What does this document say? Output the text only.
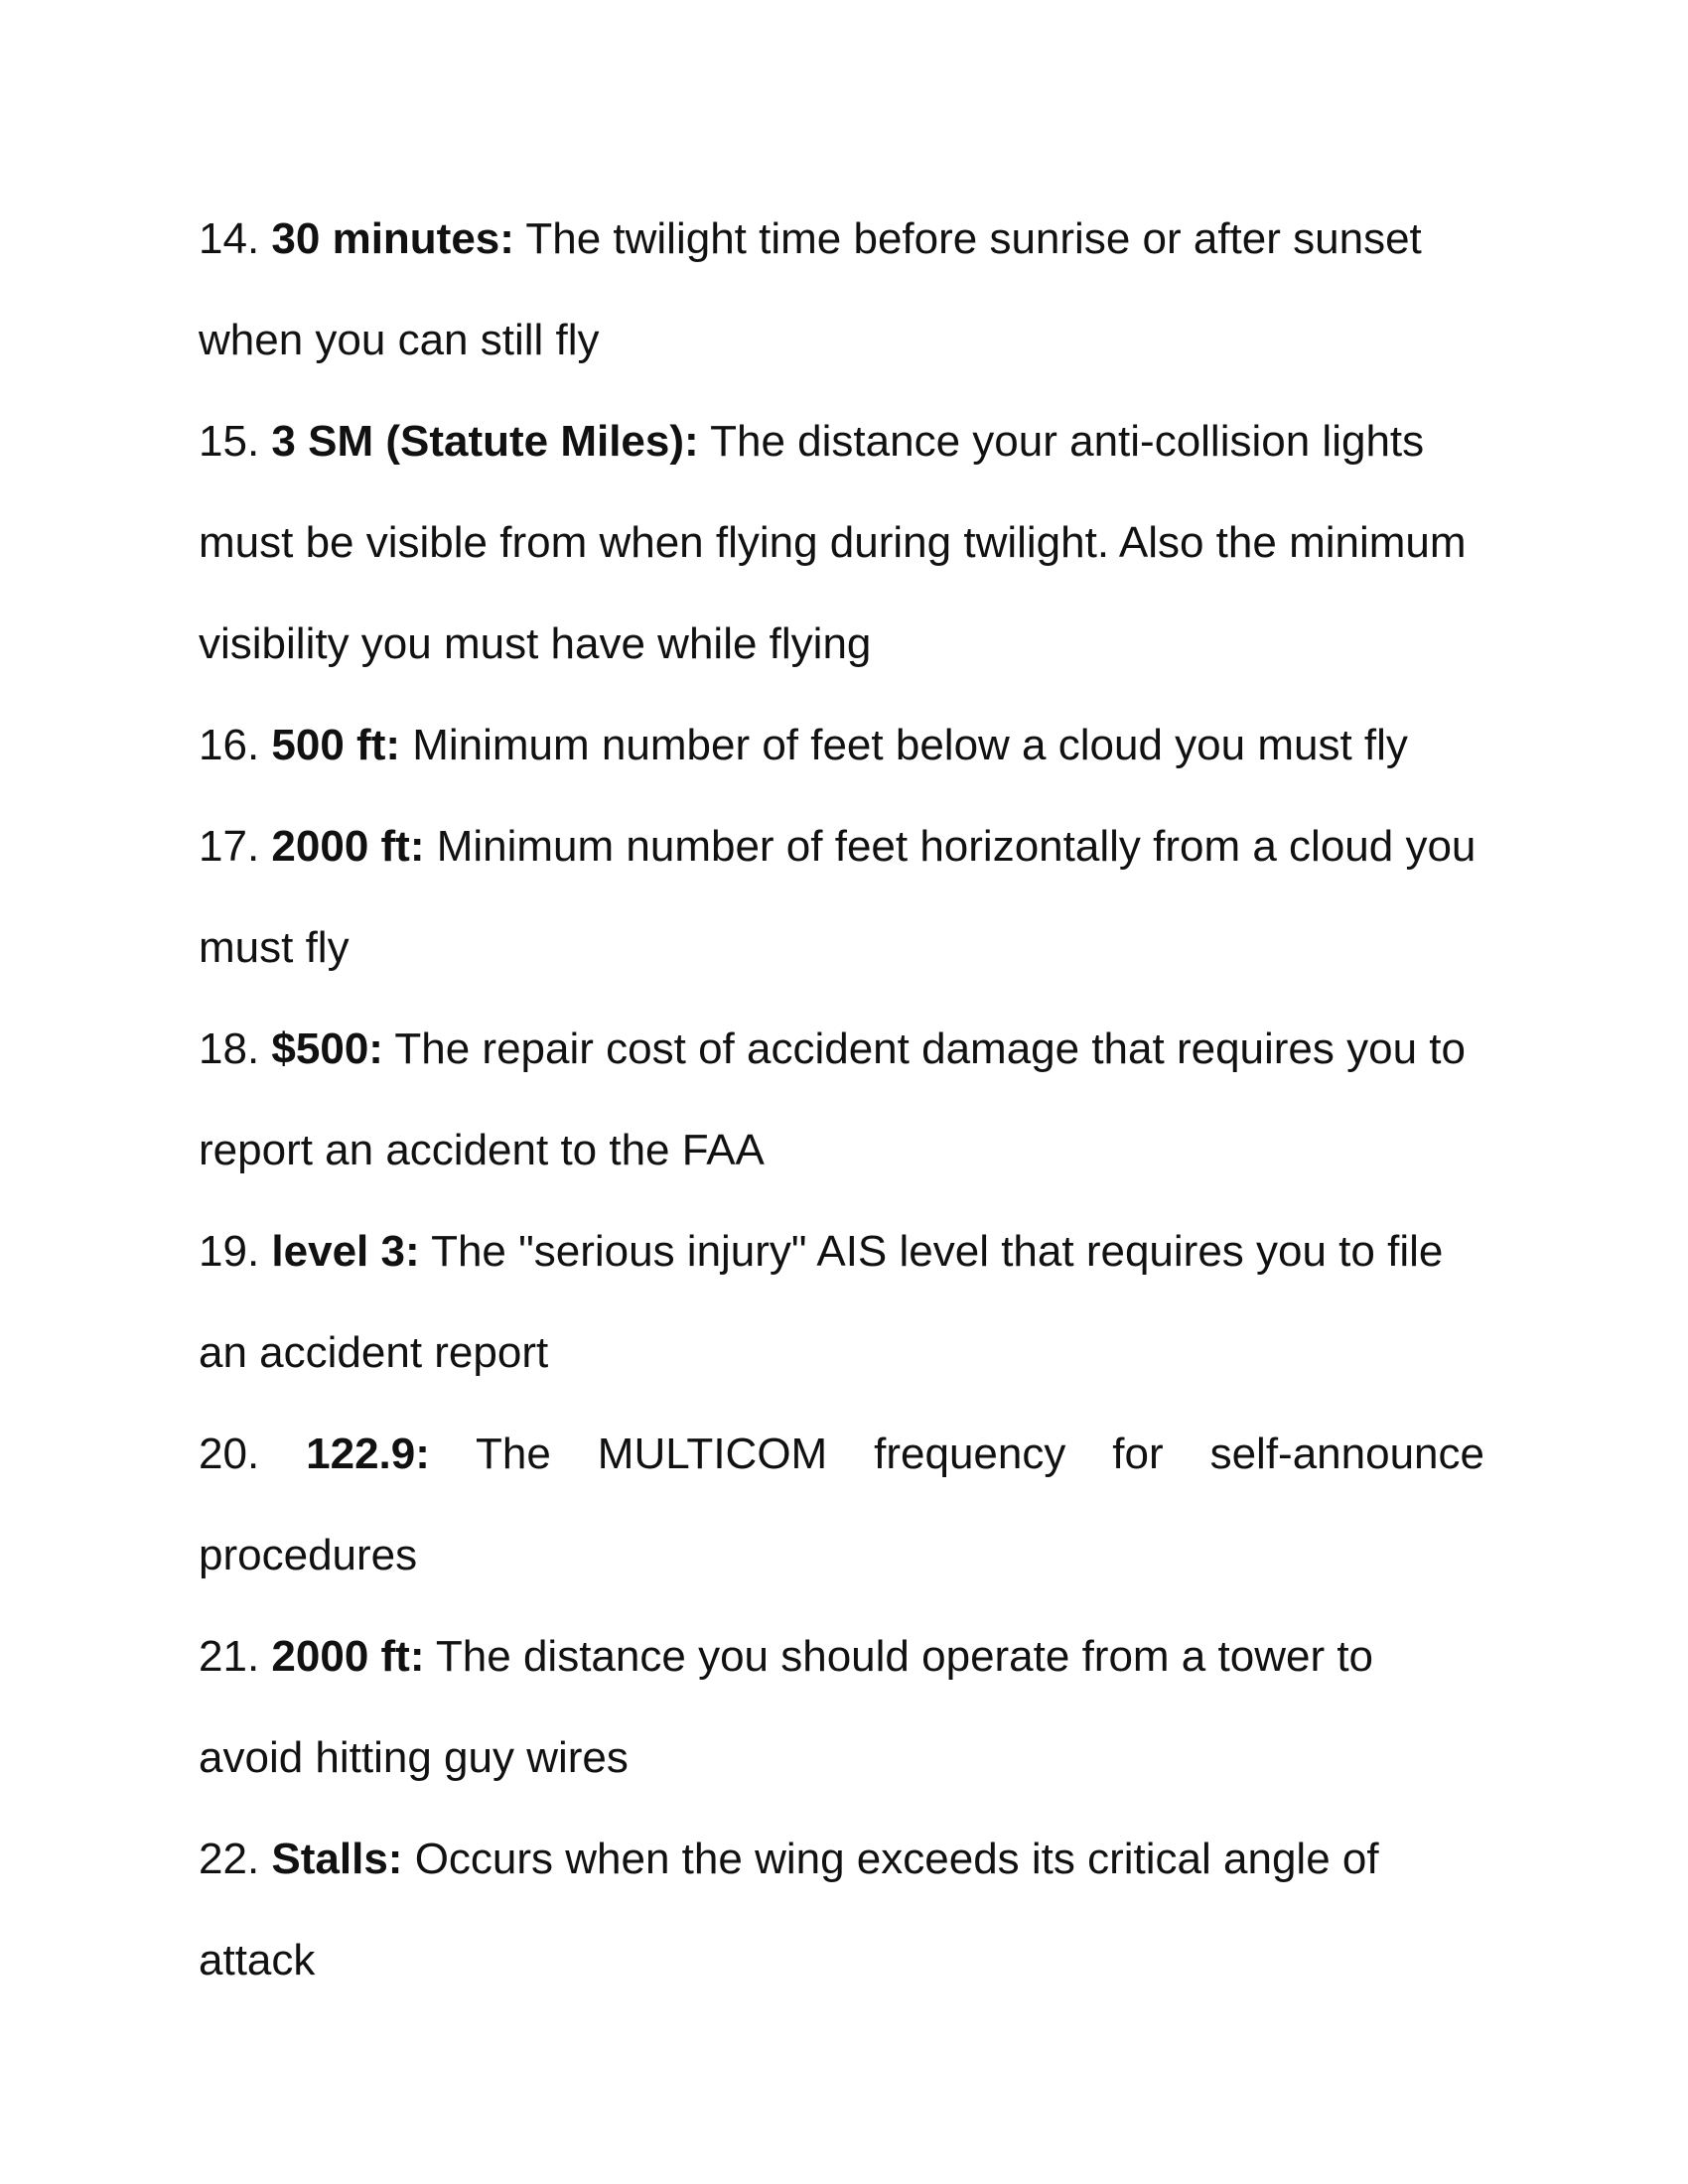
14. 30 minutes: The twilight time before sunrise or after sunset when you can still fly

15. 3 SM (Statute Miles): The distance your anti-collision lights must be visible from when flying during twilight. Also the minimum visibility you must have while flying

16. 500 ft: Minimum number of feet below a cloud you must fly

17. 2000 ft: Minimum number of feet horizontally from a cloud you must fly

18. $500: The repair cost of accident damage that requires you to report an accident to the FAA

19. level 3: The "serious injury" AIS level that requires you to file an accident report

20. 122.9: The MULTICOM frequency for self-announce procedures

21. 2000 ft: The distance you should operate from a tower to avoid hitting guy wires

22. Stalls: Occurs when the wing exceeds its critical angle of attack
